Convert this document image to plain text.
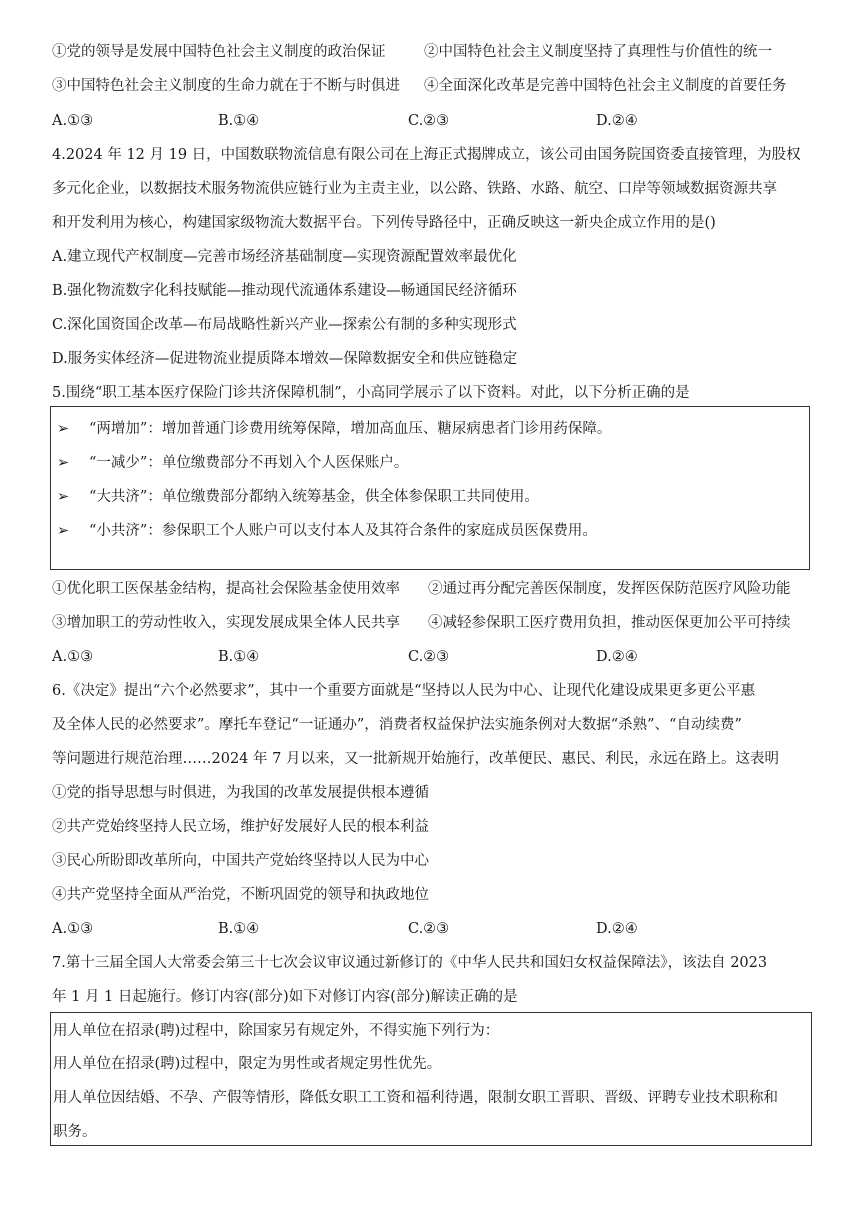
①党的领导是发展中国特色社会主义制度的政治保证	②中国特色社会主义制度坚持了真理性与价值性的统一
③中国特色社会主义制度的生命力就在于不断与时俱进 ④全面深化改革是完善中国特色社会主义制度的首要任务
A.①③	B.①④	C.②③	D.②④
4.2024 年 12 月 19 日，中国数联物流信息有限公司在上海正式揭牌成立，该公司由国务院国资委直接管理，为股权
多元化企业，以数据技术服务物流供应链行业为主责主业，以公路、铁路、水路、航空、口岸等领域数据资源共享
和开发利用为核心，构建国家级物流大数据平台。下列传导路径中，正确反映这一新央企成立作用的是()
A.建立现代产权制度—完善市场经济基础制度—实现资源配置效率最优化
B.强化物流数字化科技赋能—推动现代流通体系建设—畅通国民经济循环
C.深化国资国企改革—布局战略性新兴产业—探索公有制的多种实现形式
D.服务实体经济—促进物流业提质降本增效—保障数据安全和供应链稳定
5.围绕“职工基本医疗保险门诊共济保障机制”，小高同学展示了以下资料。对此，以下分析正确的是
➢ “两增加”：增加普通门诊费用统筹保障，增加高血压、糖尿病患者门诊用药保障。
➢ “一减少”：单位缴费部分不再划入个人医保账户。
➢ “大共济”：单位缴费部分都纳入统筹基金，供全体参保职工共同使用。
➢ “小共济”：参保职工个人账户可以支付本人及其符合条件的家庭成员医保费用。
①优化职工医保基金结构，提高社会保险基金使用效率 ②通过再分配完善医保制度，发挥医保防范医疗风险功能
③增加职工的劳动性收入，实现发展成果全体人民共享 ④减轻参保职工医疗费用负担，推动医保更加公平可持续
A.①③	B.①④	C.②③	D.②④
6.《决定》提出“六个必然要求”，其中一个重要方面就是“坚持以人民为中心、让现代化建设成果更多更公平惠
及全体人民的必然要求”。摩托车登记“一证通办”，消费者权益保护法实施条例对大数据“杀熟”、“自动续费”
等问题进行规范治理……2024 年 7 月以来，又一批新规开始施行，改革便民、惠民、利民，永远在路上。这表明
①党的指导思想与时俱进，为我国的改革发展提供根本遵循
②共产党始终坚持人民立场，维护好发展好人民的根本利益
③民心所盼即改革所向，中国共产党始终坚持以人民为中心
④共产党坚持全面从严治党，不断巩固党的领导和执政地位
A.①③	B.①④	C.②③	D.②④
7.第十三届全国人大常委会第三十七次会议审议通过新修订的《中华人民共和国妇女权益保障法》，该法自 2023
年 1 月 1 日起施行。修订内容(部分)如下对修订内容(部分)解读正确的是
用人单位在招录(聘)过程中，除国家另有规定外，不得实施下列行为：
用人单位在招录(聘)过程中，限定为男性或者规定男性优先。
用人单位因结婚、不孕、产假等情形，降低女职工工资和福利待遇，限制女职工晋职、晋级、评聘专业技术职称和
职务。
